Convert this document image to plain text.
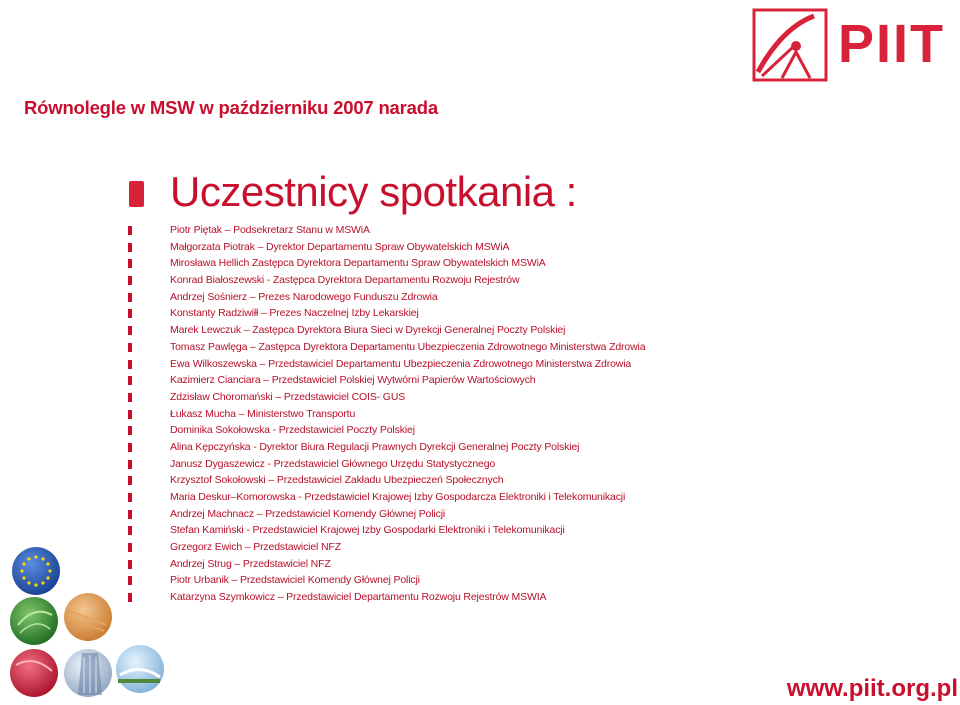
PIIT
Równolegle w MSW w październiku 2007 narada
Uczestnicy spotkania :
Piotr Piętak – Podsekretarz Stanu w MSWiA
Małgorzata Piotrak – Dyrektor Departamentu Spraw Obywatelskich MSWiA
Mirosława Hellich Zastępca Dyrektora Departamentu Spraw Obywatelskich MSWiA
Konrad Białoszewski - Zastępca Dyrektora Departamentu Rozwoju Rejestrów
Andrzej Sośnierz – Prezes Narodowego Funduszu Zdrowia
Konstanty Radziwiłł – Prezes Naczelnej Izby Lekarskiej
Marek Lewczuk – Zastępca Dyrektora Biura Sieci w Dyrekcji Generalnej Poczty Polskiej
Tomasz Pawlęga – Zastępca Dyrektora Departamentu Ubezpieczenia Zdrowotnego Ministerstwa Zdrowia
Ewa Wilkoszewska – Przedstawiciel Departamentu Ubezpieczenia Zdrowotnego Ministerstwa Zdrowia
Kazimierz Cianciara – Przedstawiciel Polskiej Wytwórni Papierów Wartościowych
Zdzisław Choromański – Przedstawiciel COIS- GUS
Łukasz Mucha – Ministerstwo Transportu
Dominika Sokołowska - Przedstawiciel Poczty Polskiej
Alina Kępczyńska - Dyrektor Biura Regulacji Prawnych Dyrekcji Generalnej Poczty Polskiej
Janusz Dygaszewicz - Przedstawiciel Głównego Urzędu Statystycznego
Krzysztof Sokołowski – Przedstawiciel Zakładu Ubezpieczeń Społecznych
Maria Deskur–Komorowska - Przedstawiciel Krajowej Izby Gospodarcza Elektroniki i Telekomunikacji
Andrzej Machnacz – Przedstawiciel Komendy Głównej Policji
Stefan Kamiński - Przedstawiciel Krajowej Izby Gospodarki Elektroniki i Telekomunikacji
Grzegorz Ewich – Przedstawiciel NFZ
Andrzej Strug – Przedstawiciel NFZ
Piotr Urbanik – Przedstawiciel Komendy Głównej Policji
Katarzyna Szymkowicz – Przedstawiciel Departamentu Rozwoju Rejestrów MSWIA
www.piit.org.pl
